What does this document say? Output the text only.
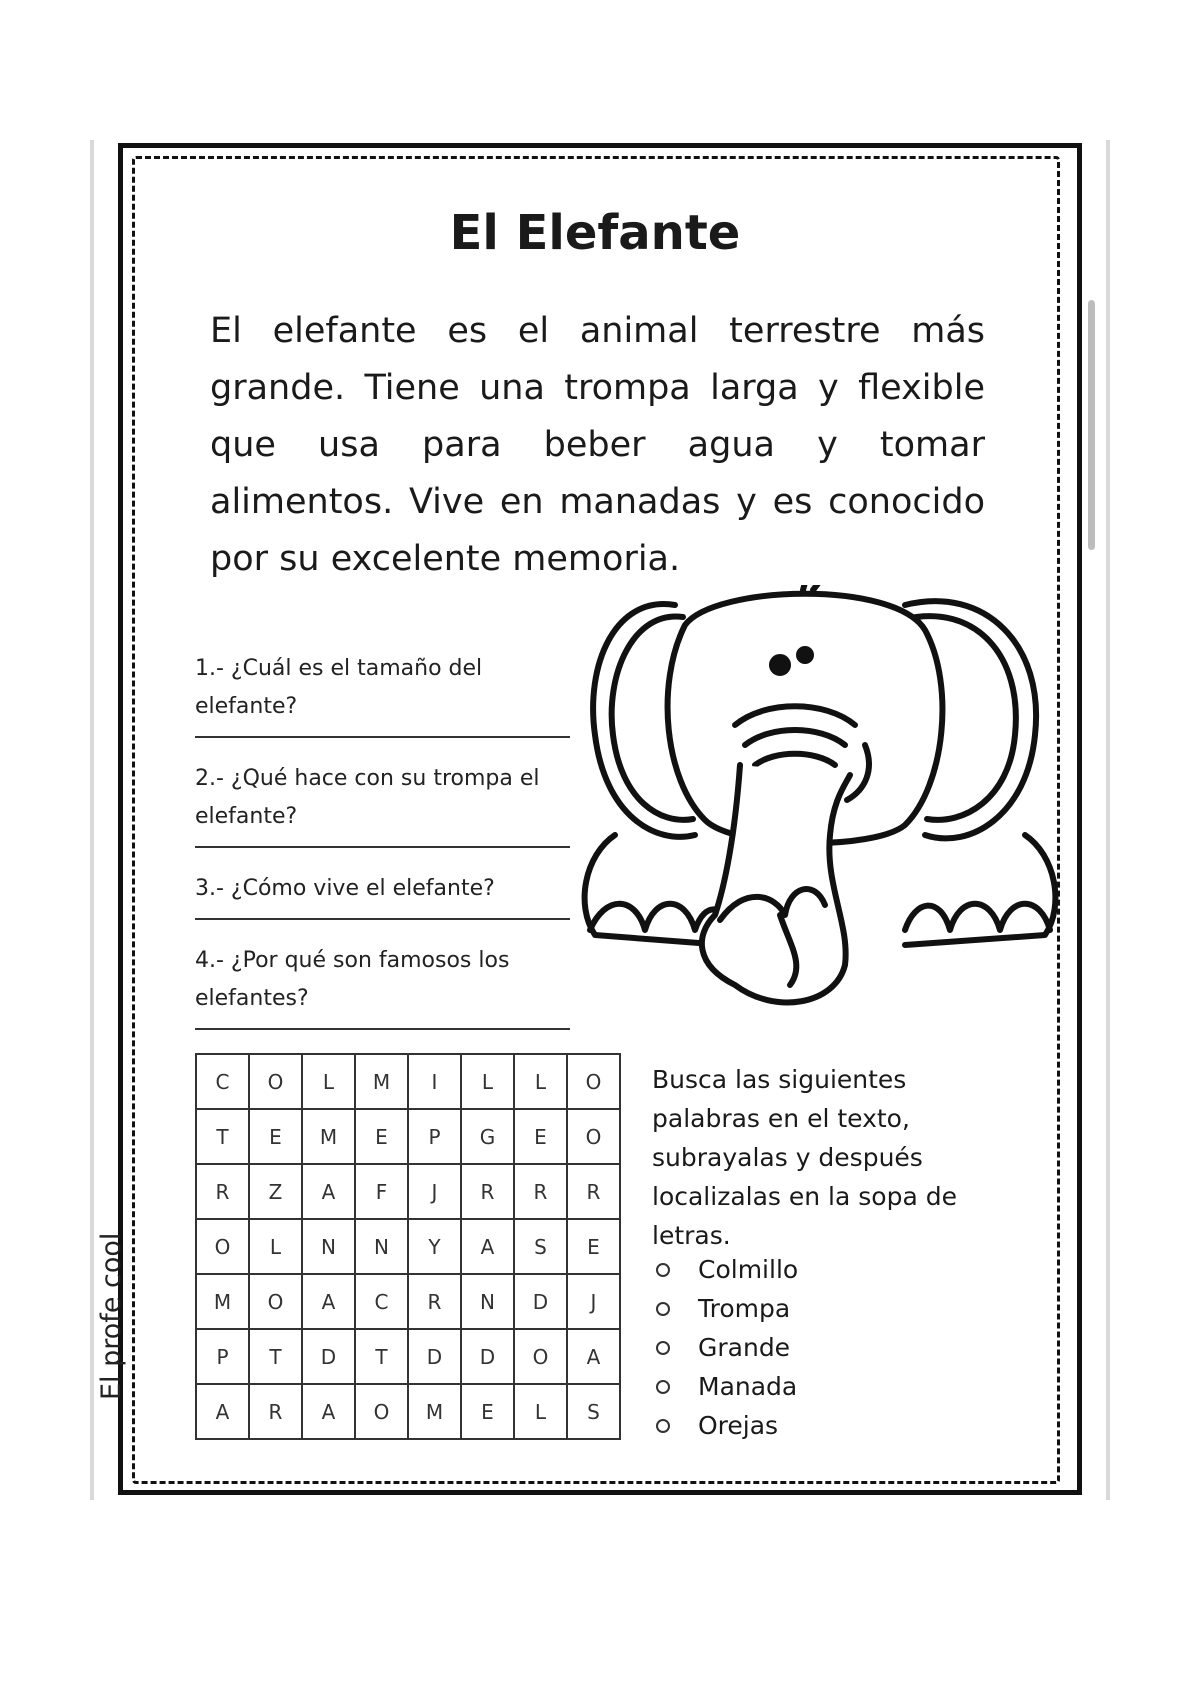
El Elefante
El elefante es el animal terrestre más grande. Tiene una trompa larga y flexible que usa para beber agua y tomar alimentos. Vive en manadas y es conocido por su excelente memoria.
1.- ¿Cuál es el tamaño del elefante?
2.- ¿Qué hace con su trompa el elefante?
3.- ¿Cómo vive el elefante?
4.- ¿Por qué son famosos los elefantes?
C	O	L	M	I	L	L	O
T	E	M	E	P	G	E	O
R	Z	A	F	J	R	R	R
O	L	N	N	Y	A	S	E
M	O	A	C	R	N	D	J
P	T	D	T	D	D	O	A
A	R	A	O	M	E	L	S
Busca las siguientes palabras en el texto, subrayalas y después localizalas en la sopa de letras.
Colmillo
Trompa
Grande
Manada
Orejas
El profe cool
